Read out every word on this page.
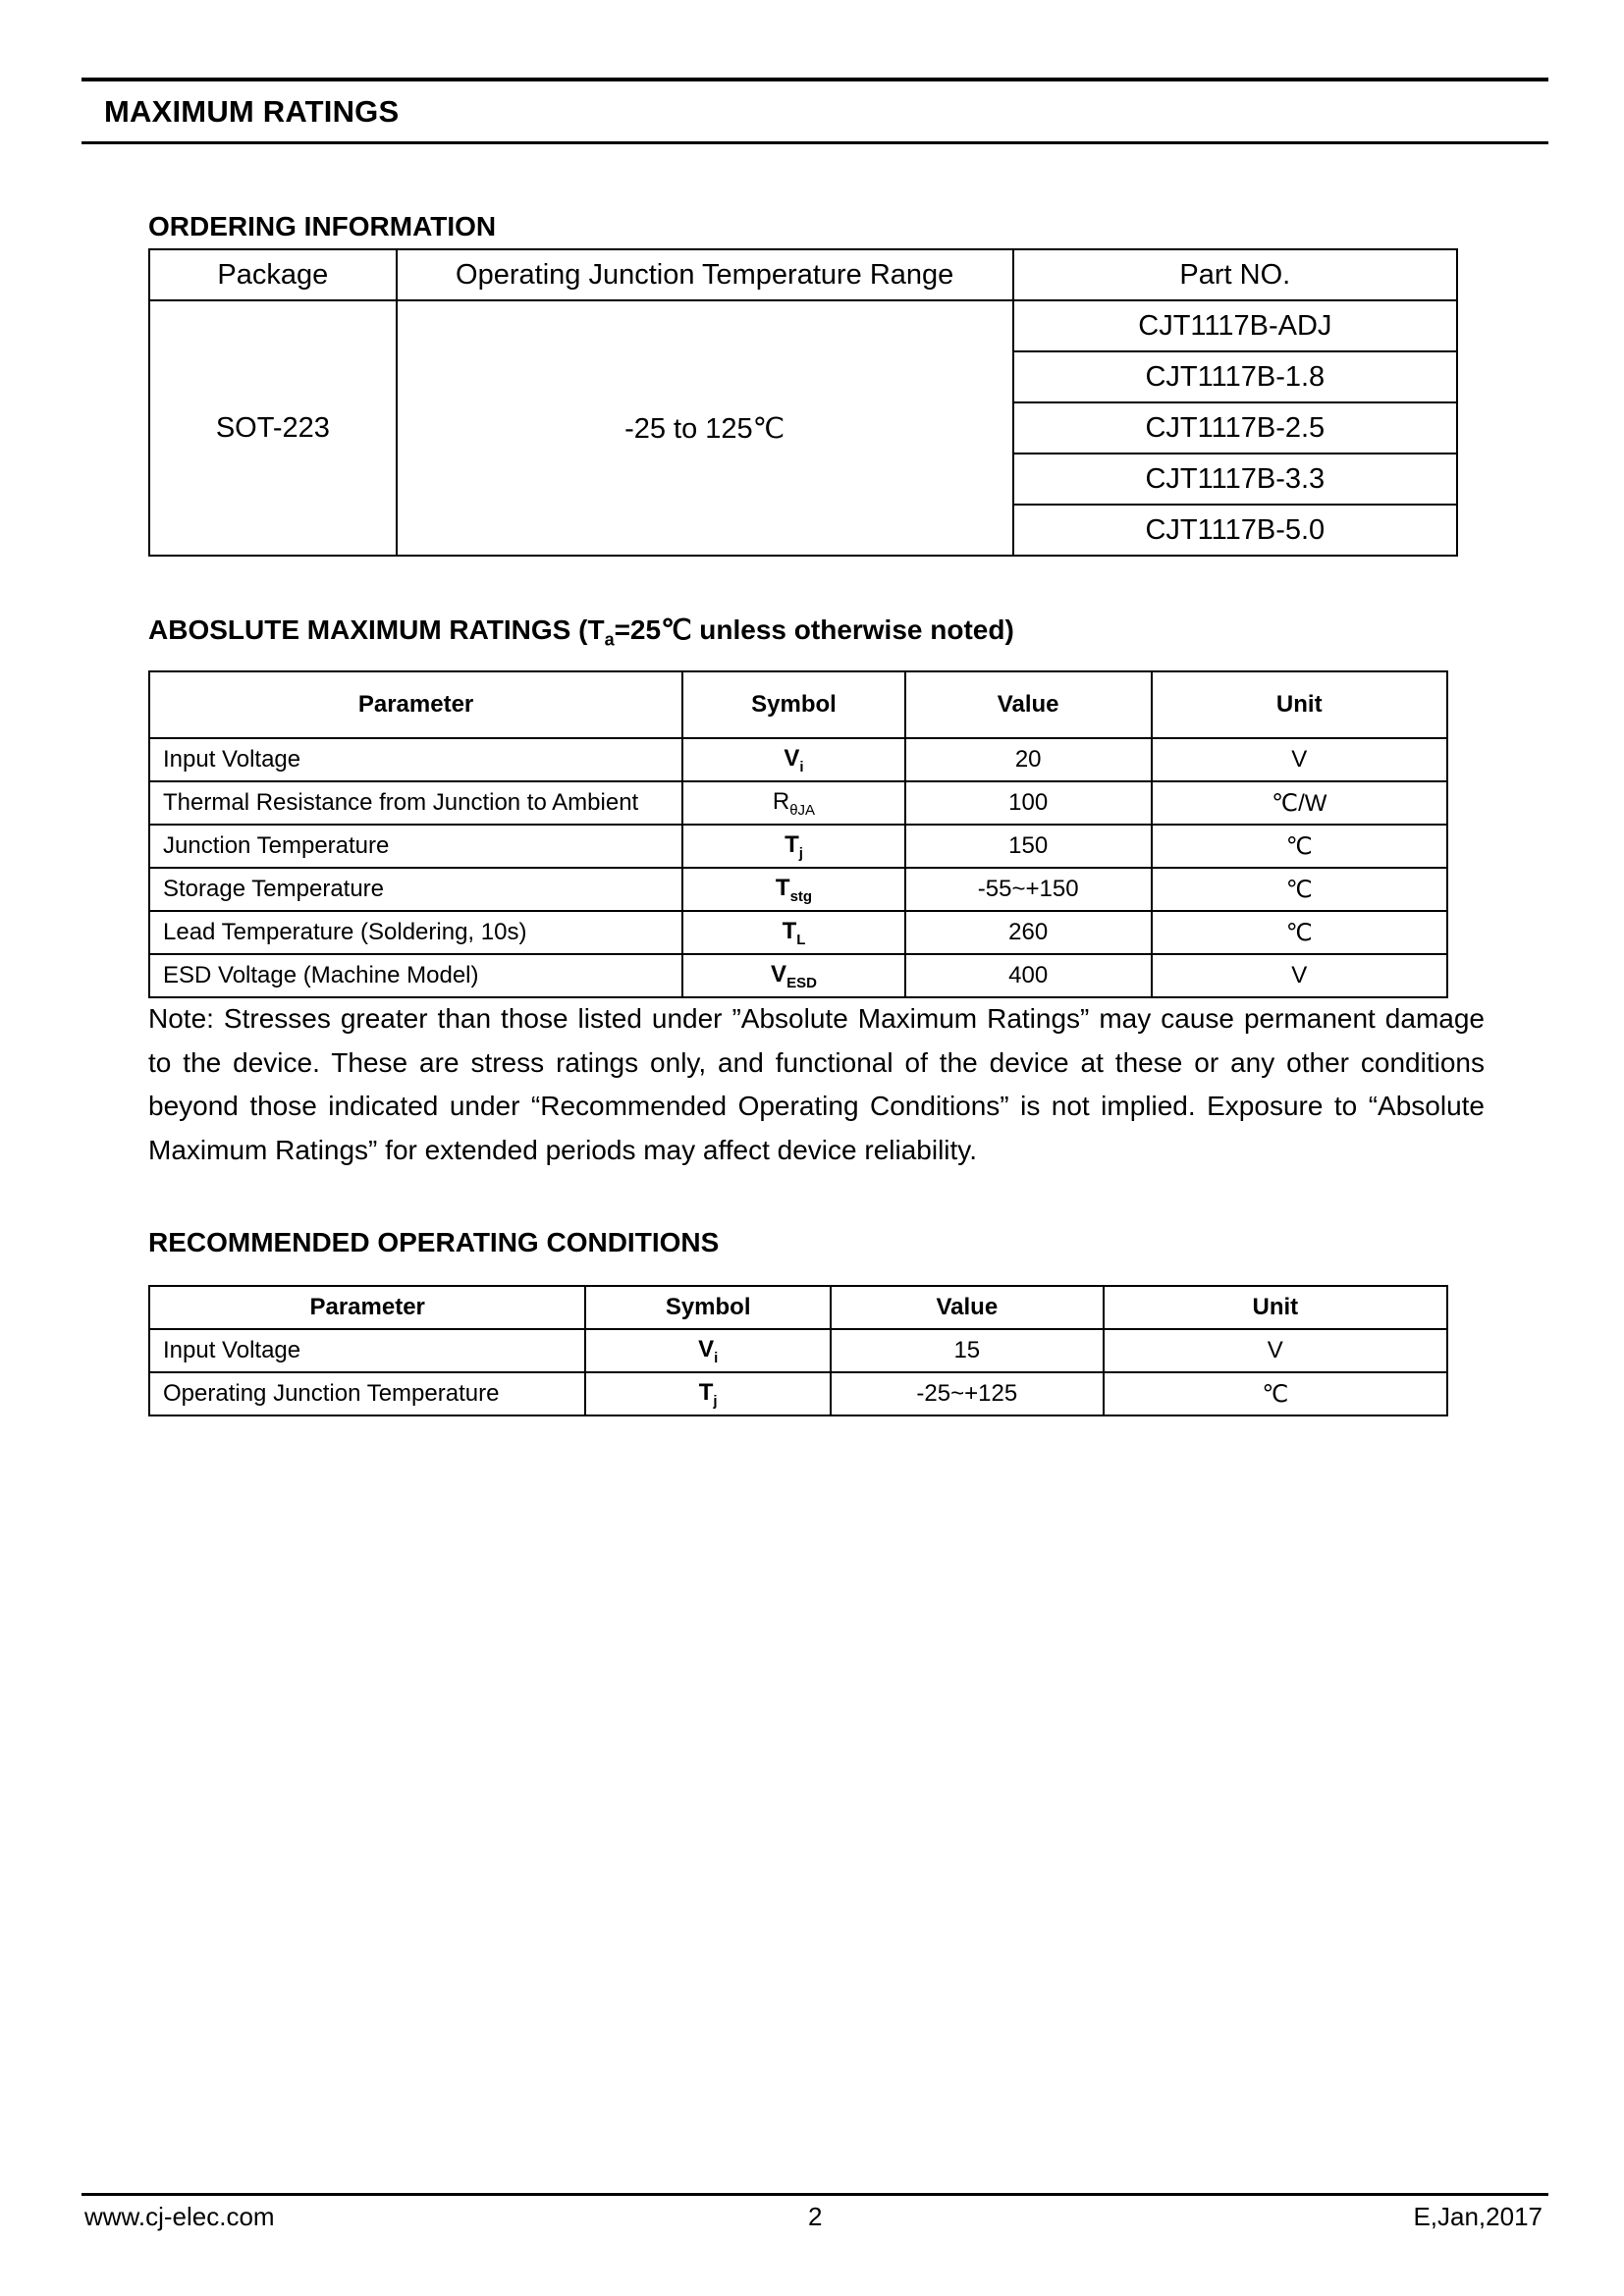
MAXIMUM RATINGS
ORDERING INFORMATION
Package	Operating Junction Temperature Range	Part NO.
SOT-223	-25 to 125℃	CJT1117B-ADJ
		CJT1117B-1.8
		CJT1117B-2.5
		CJT1117B-3.3
		CJT1117B-5.0
ABOSLUTE MAXIMUM RATINGS ($T_a=25℃$ unless otherwise noted)
Parameter	Symbol	Value	Unit
Input Voltage	$V_i$	20	V
Thermal Resistance from Junction to Ambient	$R_{\theta JA}$	100	℃/W
Junction Temperature	$T_j$	150	℃
Storage Temperature	$T_{stg}$	-55~+150	℃
Lead Temperature (Soldering, 10s)	$T_L$	260	℃
ESD Voltage (Machine Model)	$V_{ESD}$	400	V
Note: Stresses greater than those listed under ”Absolute Maximum Ratings” may cause permanent damage to the device. These are stress ratings only, and functional of the device at these or any other conditions beyond those indicated under “Recommended Operating Conditions” is not implied. Exposure to “Absolute Maximum Ratings” for extended periods may affect device reliability.
RECOMMENDED OPERATING CONDITIONS
Parameter	Symbol	Value	Unit
Input Voltage	$V_i$	15	V
Operating Junction Temperature	$T_j$	-25~+125	℃
www.cj-elec.com	2	E,Jan,2017
